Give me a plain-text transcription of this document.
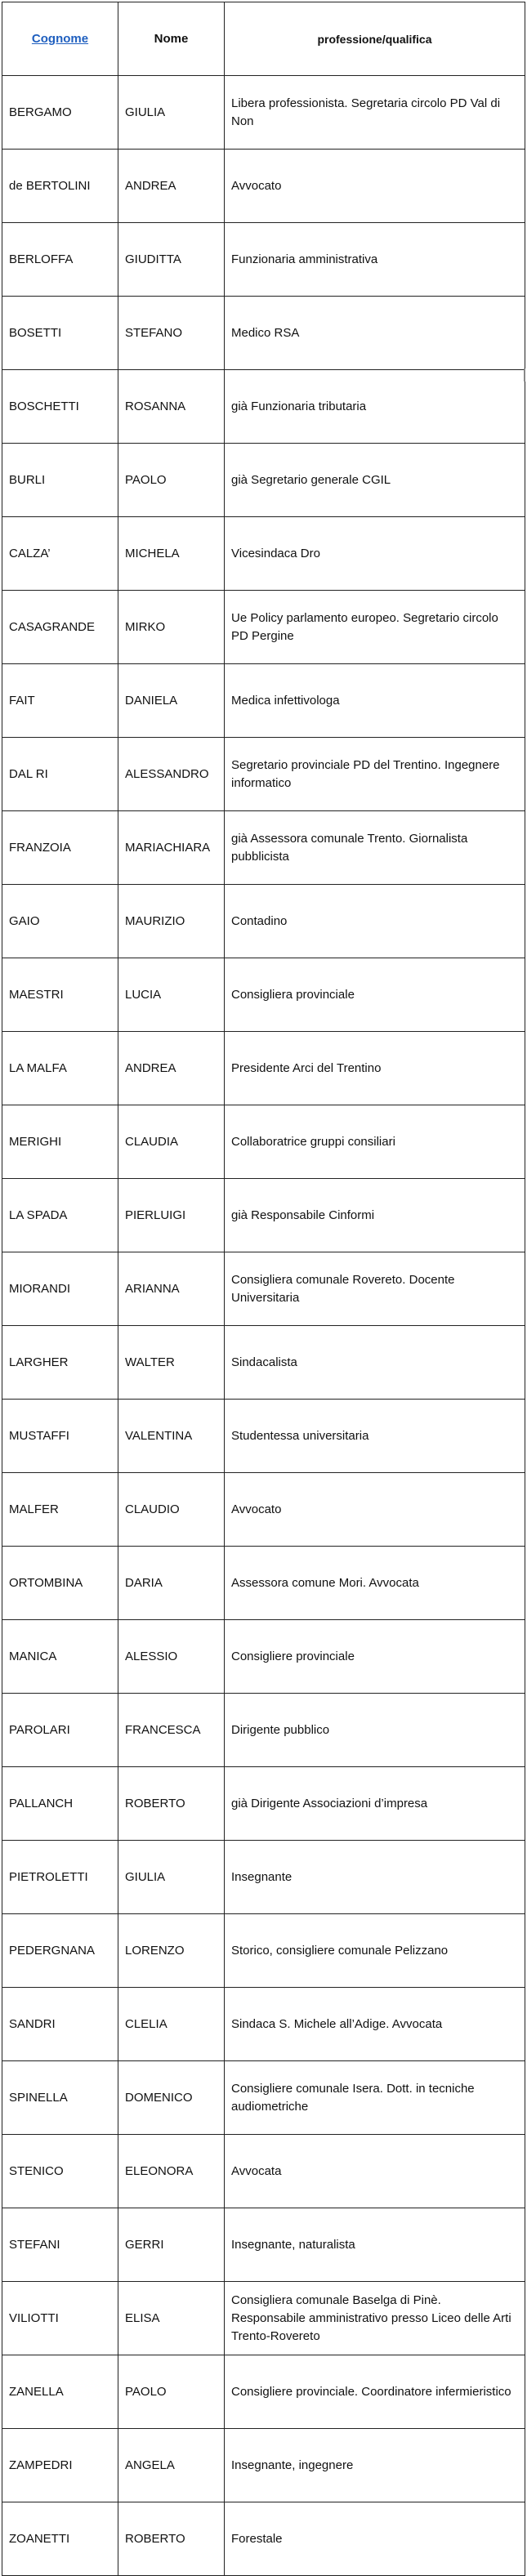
Cognome	Nome	professione/qualifica
BERGAMO	GIULIA	Libera professionista. Segretaria circolo PD Val di Non
de BERTOLINI	ANDREA	Avvocato
BERLOFFA	GIUDITTA	Funzionaria amministrativa
BOSETTI	STEFANO	Medico RSA
BOSCHETTI	ROSANNA	già Funzionaria tributaria
BURLI	PAOLO	già Segretario generale CGIL
CALZA’	MICHELA	Vicesindaca Dro
CASAGRANDE	MIRKO	Ue Policy parlamento europeo. Segretario circolo PD Pergine
FAIT	DANIELA	Medica infettivologa
DAL RI	ALESSANDRO	Segretario provinciale PD del Trentino. Ingegnere informatico
FRANZOIA	MARIACHIARA	già Assessora comunale Trento. Giornalista pubblicista
GAIO	MAURIZIO	Contadino
MAESTRI	LUCIA	Consigliera provinciale
LA MALFA	ANDREA	Presidente Arci del Trentino
MERIGHI	CLAUDIA	Collaboratrice gruppi consiliari
LA SPADA	PIERLUIGI	già Responsabile Cinformi
MIORANDI	ARIANNA	Consigliera comunale Rovereto. Docente Universitaria
LARGHER	WALTER	Sindacalista
MUSTAFFI	VALENTINA	Studentessa universitaria
MALFER	CLAUDIO	Avvocato
ORTOMBINA	DARIA	Assessora comune Mori. Avvocata
MANICA	ALESSIO	Consigliere provinciale
PAROLARI	FRANCESCA	Dirigente pubblico
PALLANCH	ROBERTO	già Dirigente Associazioni d’impresa
PIETROLETTI	GIULIA	Insegnante
PEDERGNANA	LORENZO	Storico, consigliere comunale Pelizzano
SANDRI	CLELIA	Sindaca S. Michele all’Adige. Avvocata
SPINELLA	DOMENICO	Consigliere comunale Isera. Dott. in tecniche audiometriche
STENICO	ELEONORA	Avvocata
STEFANI	GERRI	Insegnante, naturalista
VILIOTTI	ELISA	Consigliera comunale Baselga di Pinè. Responsabile amministrativo presso Liceo delle Arti Trento-Rovereto
ZANELLA	PAOLO	Consigliere provinciale. Coordinatore infermieristico
ZAMPEDRI	ANGELA	Insegnante, ingegnere
ZOANETTI	ROBERTO	Forestale
